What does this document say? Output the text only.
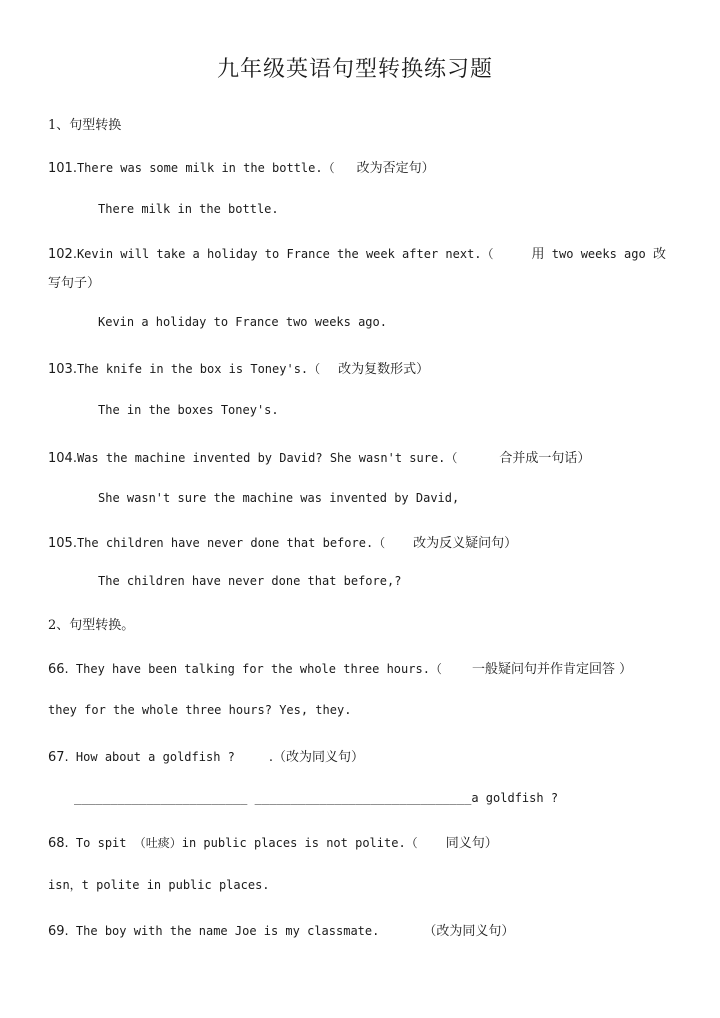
九年级英语句型转换练习题
1、句型转换
101.There was some milk in the bottle.（ 改为否定句）
There milk in the bottle.
102.Kevin will take a holiday to France the week after next.（	用 two weeks ago 改
写句子）
Kevin a holiday to France two weeks ago.
103.The knife in the box is Toney's.（ 改为复数形式）
The in the boxes Toney's.
104.Was the machine invented by David? She wasn't sure.（	合并成一句话）
She wasn't sure the machine was invented by David,
105.The children have never done that before.（ 改为反义疑问句）
The children have never done that before,?
2、句型转换。
66. They have been talking for the whole three hours.（ 一般疑问句并作肯定回答 ）
they for the whole three hours? Yes, they.
67. How about a goldfish ?	.（改为同义句）
________________________ ______________________________a goldfish ?
68. To spit （吐痰）in public places is not polite.（ 同义句）
isn，t polite in public places.
69. The boy with the name Joe is my classmate.	（改为同义句）
